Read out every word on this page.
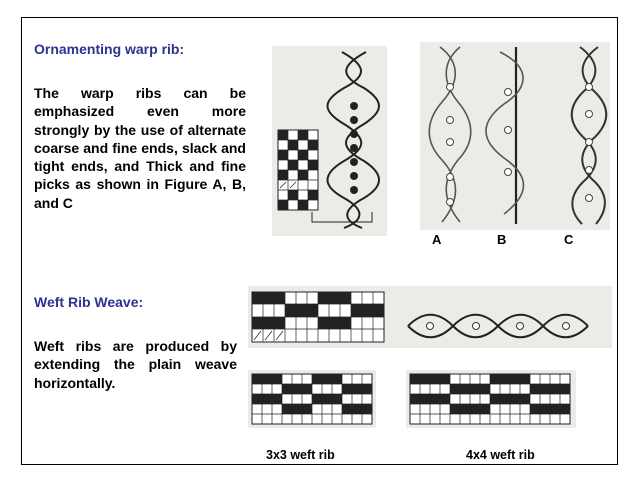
Ornamenting warp rib:
The warp ribs can be emphasized even more strongly by the use of alternate coarse and fine ends, slack and tight ends, and Thick and fine picks as shown in Figure A, B, and C
Weft Rib Weave:
Weft ribs are produced by extending the plain weave horizontally.
A	B	C
3x3 weft rib	4x4 weft rib
